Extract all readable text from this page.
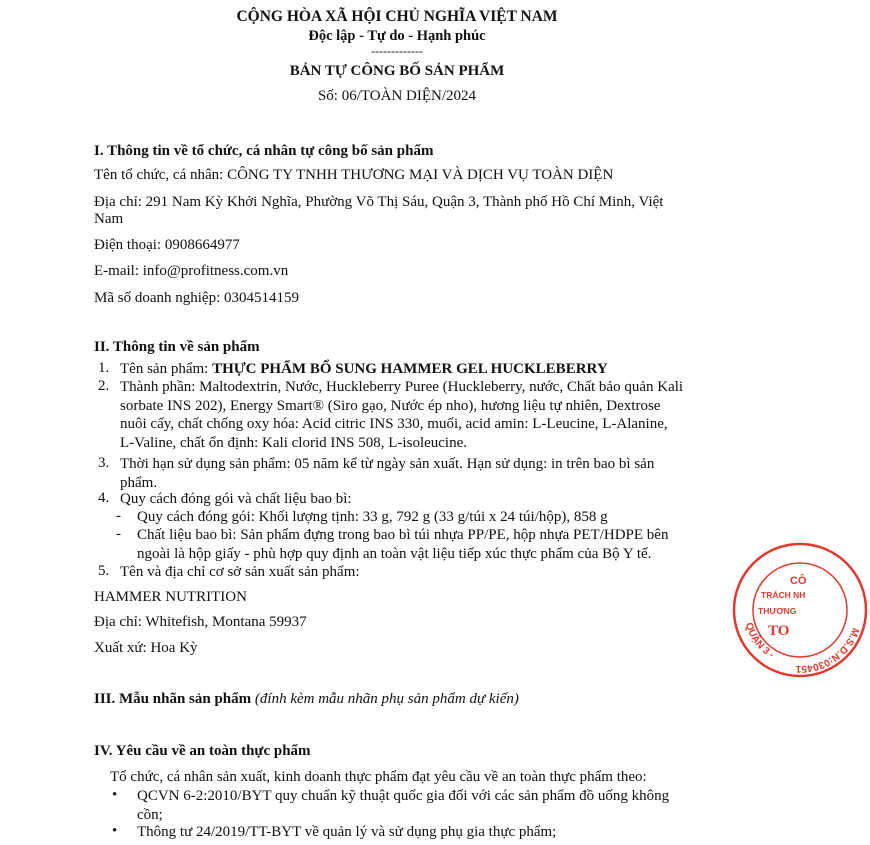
CỘNG HÒA XÃ HỘI CHỦ NGHĨA VIỆT NAM
Độc lập - Tự do - Hạnh phúc
-------------
BẢN TỰ CÔNG BỐ SẢN PHẨM
Số: 06/TOÀN DIỆN/2024
I. Thông tin về tổ chức, cá nhân tự công bố sản phẩm
Tên tổ chức, cá nhân: CÔNG TY TNHH THƯƠNG MẠI VÀ DỊCH VỤ TOÀN DIỆN
Địa chỉ: 291 Nam Kỳ Khởi Nghĩa, Phường Võ Thị Sáu, Quận 3, Thành phố Hồ Chí Minh, Việt
Nam
Điện thoại: 0908664977
E-mail: info@profitness.com.vn
Mã số doanh nghiệp: 0304514159
II. Thông tin về sản phẩm
1. Tên sản phẩm: THỰC PHẨM BỔ SUNG HAMMER GEL HUCKLEBERRY
2. Thành phần: Maltodextrin, Nước, Huckleberry Puree (Huckleberry, nước, Chất bảo quản Kali
sorbate INS 202), Energy Smart® (Siro gạo, Nước ép nho), hương liệu tự nhiên, Dextrose
nuôi cấy, chất chống oxy hóa: Acid citric INS 330, muối, acid amin: L-Leucine, L-Alanine,
L-Valine, chất ổn định: Kali clorid INS 508, L-isoleucine.
3. Thời hạn sử dụng sản phẩm: 05 năm kể từ ngày sản xuất. Hạn sử dụng: in trên bao bì sản
phẩm.
4. Quy cách đóng gói và chất liệu bao bì:
- Quy cách đóng gói: Khối lượng tịnh: 33 g, 792 g (33 g/túi x 24 túi/hộp), 858 g
- Chất liệu bao bì: Sản phẩm đựng trong bao bì túi nhựa PP/PE, hộp nhựa PET/HDPE bên
ngoài là hộp giấy - phù hợp quy định an toàn vật liệu tiếp xúc thực phẩm của Bộ Y tế.
5. Tên và địa chỉ cơ sở sản xuất sản phẩm:
HAMMER NUTRITION
Địa chỉ: Whitefish, Montana 59937
Xuất xứ: Hoa Kỳ
III. Mẫu nhãn sản phẩm (đính kèm mẫu nhãn phụ sản phẩm dự kiến)
IV. Yêu cầu về an toàn thực phẩm
Tổ chức, cá nhân sản xuất, kinh doanh thực phẩm đạt yêu cầu về an toàn thực phẩm theo:
• QCVN 6-2:2010/BYT quy chuẩn kỹ thuật quốc gia đối với các sản phẩm đồ uống không
cồn;
• Thông tư 24/2019/TT-BYT về quản lý và sử dụng phụ gia thực phẩm;
M.S.D.N:030451
QUẬN 3 -
CÔ
TRÁCH NH
THƯƠNG
TO
